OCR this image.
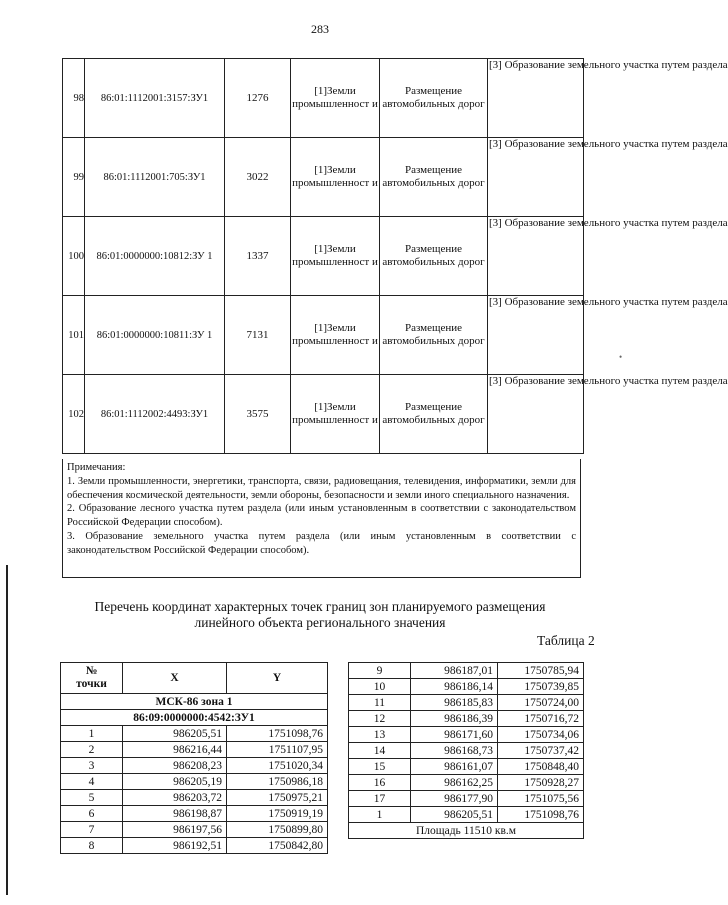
283
•
98	86:01:1112001:3157:ЗУ1	1276	[1]Земли промышленност и	Размещение автомобильных дорог	[3] Образование земельного участка путем раздела
99	86:01:1112001:705:ЗУ1	3022	[1]Земли промышленност и	Размещение автомобильных дорог	[3] Образование земельного участка путем раздела
100	86:01:0000000:10812:ЗУ 1	1337	[1]Земли промышленност и	Размещение автомобильных дорог	[3] Образование земельного участка путем раздела
101	86:01:0000000:10811:ЗУ 1	7131	[1]Земли промышленност и	Размещение автомобильных дорог	[3] Образование земельного участка путем раздела
102	86:01:1112002:4493:ЗУ1	3575	[1]Земли промышленност и	Размещение автомобильных дорог	[3] Образование земельного участка путем раздела
Примечания:
1. Земли промышленности, энергетики, транспорта, связи, радиовещания, телевидения, информатики, земли для обеспечения космической деятельности, земли обороны, безопасности и земли иного специального назначения.
2. Образование лесного участка путем раздела (или иным установленным в соответствии с законодательством Российской Федерации способом).
3. Образование земельного участка путем раздела (или иным установленным в соответствии с законодательством Российской Федерации способом).
Перечень координат характерных точек границ зон планируемого размещения
линейного объекта регионального значения
Таблица 2
№
точки	X	Y
МСК-86 зона 1		
86:09:0000000:4542:ЗУ1		
1	986205,51	1751098,76
2	986216,44	1751107,95
3	986208,23	1751020,34
4	986205,19	1750986,18
5	986203,72	1750975,21
6	986198,87	1750919,19
7	986197,56	1750899,80
8	986192,51	1750842,80
9	986187,01	1750785,94
10	986186,14	1750739,85
11	986185,83	1750724,00
12	986186,39	1750716,72
13	986171,60	1750734,06
14	986168,73	1750737,42
15	986161,07	1750848,40
16	986162,25	1750928,27
17	986177,90	1751075,56
1	986205,51	1751098,76
Площадь 11510 кв.м		
